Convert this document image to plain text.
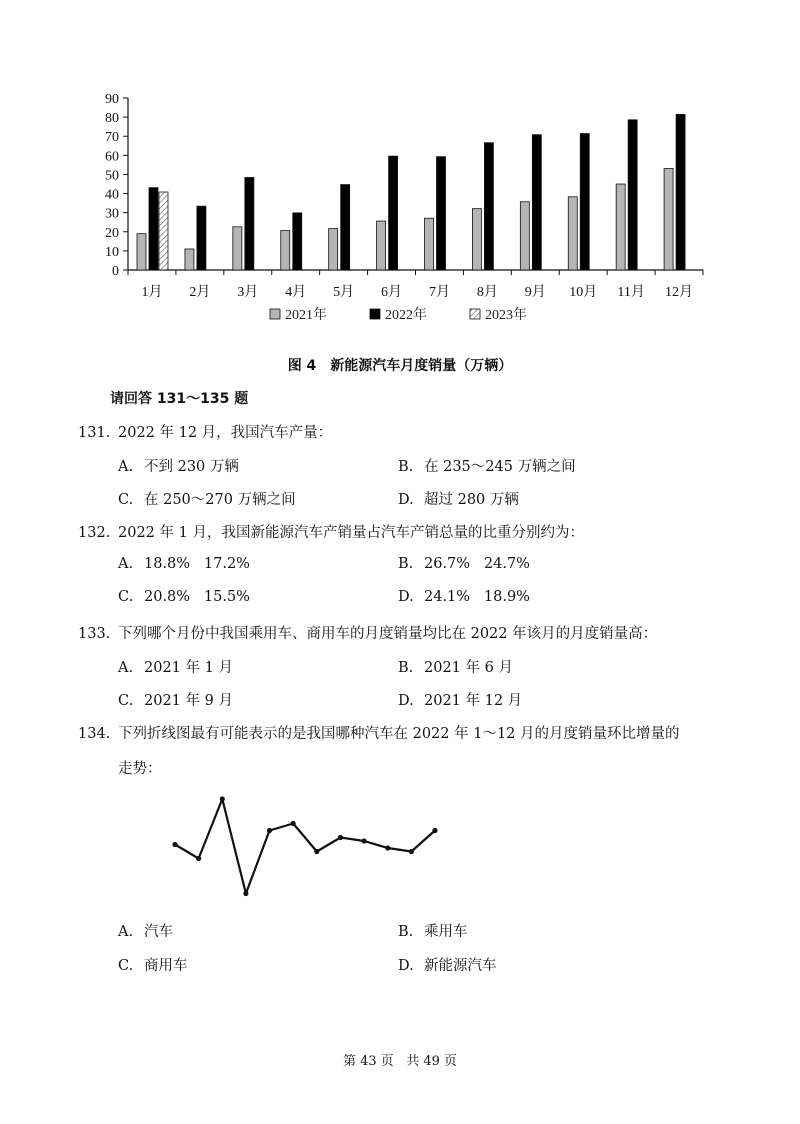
0
10
20
30
40
50
60
70
80
90
1月 2月 3月 4月 5月 6月 7月 8月 9月 10月 11月 12月
2021年	2022年	2023年
图 4 新能源汽车月度销量（万辆）
请回答 131～135 题
131. 2022 年 12 月，我国汽车产量：
A. 不到 230 万辆	B. 在 235～245 万辆之间
C. 在 250～270 万辆之间	D. 超过 280 万辆
132. 2022 年 1 月，我国新能源汽车产销量占汽车产销总量的比重分别约为：
A. 18.8%   17.2%	B. 26.7%   24.7%
C. 20.8%   15.5%	D. 24.1%   18.9%
133. 下列哪个月份中我国乘用车、商用车的月度销量均比在 2022 年该月的月度销量高：
A. 2021 年 1 月	B. 2021 年 6 月
C. 2021 年 9 月	D. 2021 年 12 月
134. 下列折线图最有可能表示的是我国哪种汽车在 2022 年 1～12 月的月度销量环比增量的
走势：
A. 汽车	B. 乘用车
C. 商用车	D. 新能源汽车
第 43 页   共 49 页
